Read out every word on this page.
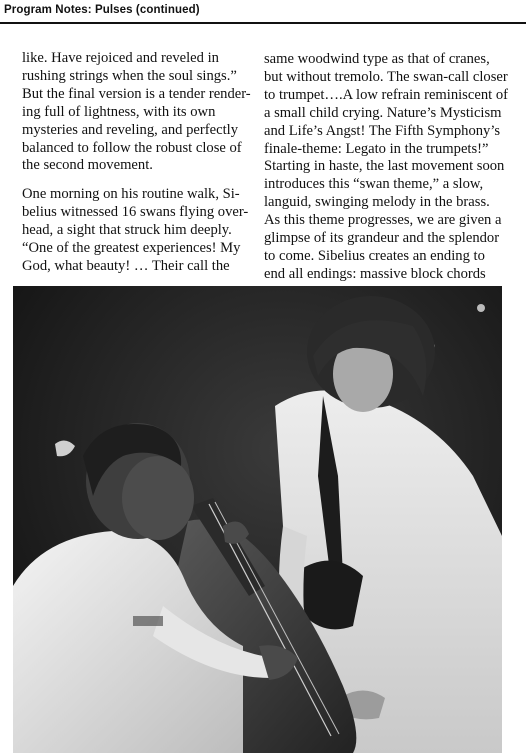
Program Notes: Pulses (continued)
like. Have rejoiced and reveled in
rushing strings when the soul sings.”
But the final version is a tender render-
ing full of lightness, with its own
mysteries and reveling, and perfectly
balanced to follow the robust close of
the second movement.
One morning on his routine walk, Si-
belius witnessed 16 swans flying over-
head, a sight that struck him deeply.
“One of the greatest experiences! My
God, what beauty! … Their call the
same woodwind type as that of cranes,
but without tremolo. The swan-call closer
to trumpet….A low refrain reminiscent of
a small child crying. Nature’s Mysticism
and Life’s Angst! The Fifth Symphony’s
finale-theme: Legato in the trumpets!”
Starting in haste, the last movement soon
introduces this “swan theme,” a slow,
languid, swinging melody in the brass.
As this theme progresses, we are given a
glimpse of its grandeur and the splendor
to come. Sibelius creates an ending to
end all endings: massive block chords
